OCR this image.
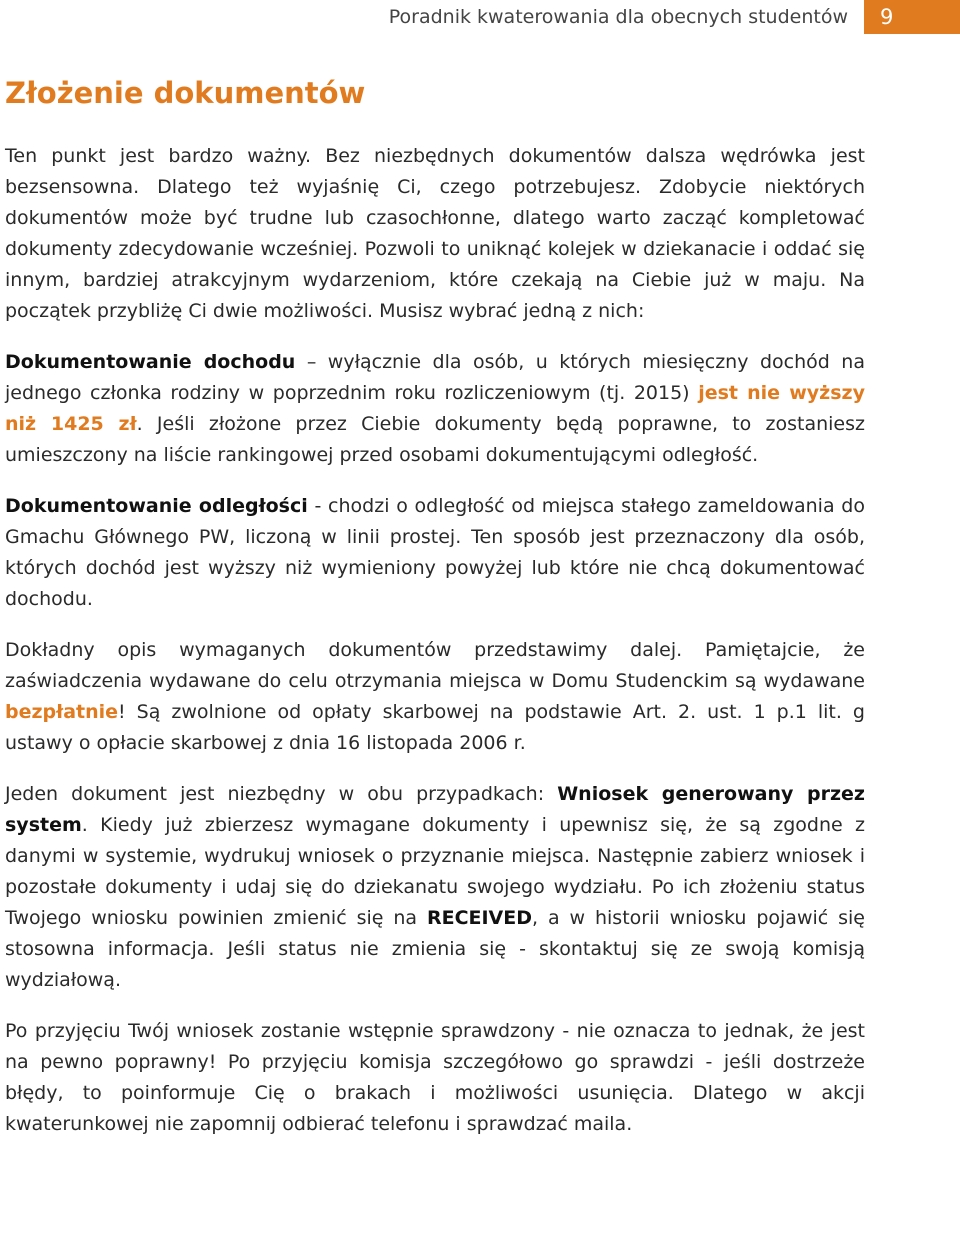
Poradnik kwaterowania dla obecnych studentów	9
Złożenie dokumentów

Ten punkt jest bardzo ważny. Bez niezbędnych dokumentów dalsza wędrówka jest bezsensowna. Dlatego też wyjaśnię Ci, czego potrzebujesz. Zdobycie niektórych dokumentów może być trudne lub czasochłonne, dlatego warto zacząć kompletować dokumenty zdecydowanie wcześniej. Pozwoli to uniknąć kolejek w dziekanacie i oddać się innym, bardziej atrakcyjnym wydarzeniom, które czekają na Ciebie już w maju. Na początek przybliżę Ci dwie możliwości. Musisz wybrać jedną z nich:

Dokumentowanie dochodu – wyłącznie dla osób, u których miesięczny dochód na jednego członka rodziny w poprzednim roku rozliczeniowym (tj. 2015) jest nie wyższy niż 1425 zł. Jeśli złożone przez Ciebie dokumenty będą poprawne, to zostaniesz umieszczony na liście rankingowej przed osobami dokumentującymi odległość.

Dokumentowanie odległości - chodzi o odległość od miejsca stałego zameldowania do Gmachu Głównego PW, liczoną w linii prostej. Ten sposób jest przeznaczony dla osób, których dochód jest wyższy niż wymieniony powyżej lub które nie chcą dokumentować dochodu.

Dokładny opis wymaganych dokumentów przedstawimy dalej. Pamiętajcie, że zaświadczenia wydawane do celu otrzymania miejsca w Domu Studenckim są wydawane bezpłatnie! Są zwolnione od opłaty skarbowej na podstawie Art. 2. ust. 1 p.1 lit. g ustawy o opłacie skarbowej z dnia 16 listopada 2006 r.

Jeden dokument jest niezbędny w obu przypadkach: Wniosek generowany przez system. Kiedy już zbierzesz wymagane dokumenty i upewnisz się, że są zgodne z danymi w systemie, wydrukuj wniosek o przyznanie miejsca. Następnie zabierz wniosek i pozostałe dokumenty i udaj się do dziekanatu swojego wydziału. Po ich złożeniu status Twojego wniosku powinien zmienić się na RECEIVED, a w historii wniosku pojawić się stosowna informacja. Jeśli status nie zmienia się - skontaktuj się ze swoją komisją wydziałową.

Po przyjęciu Twój wniosek zostanie wstępnie sprawdzony - nie oznacza to jednak, że jest na pewno poprawny! Po przyjęciu komisja szczegółowo go sprawdzi - jeśli dostrzeże błędy, to poinformuje Cię o brakach i możliwości usunięcia. Dlatego w akcji kwaterunkowej nie zapomnij odbierać telefonu i sprawdzać maila.
